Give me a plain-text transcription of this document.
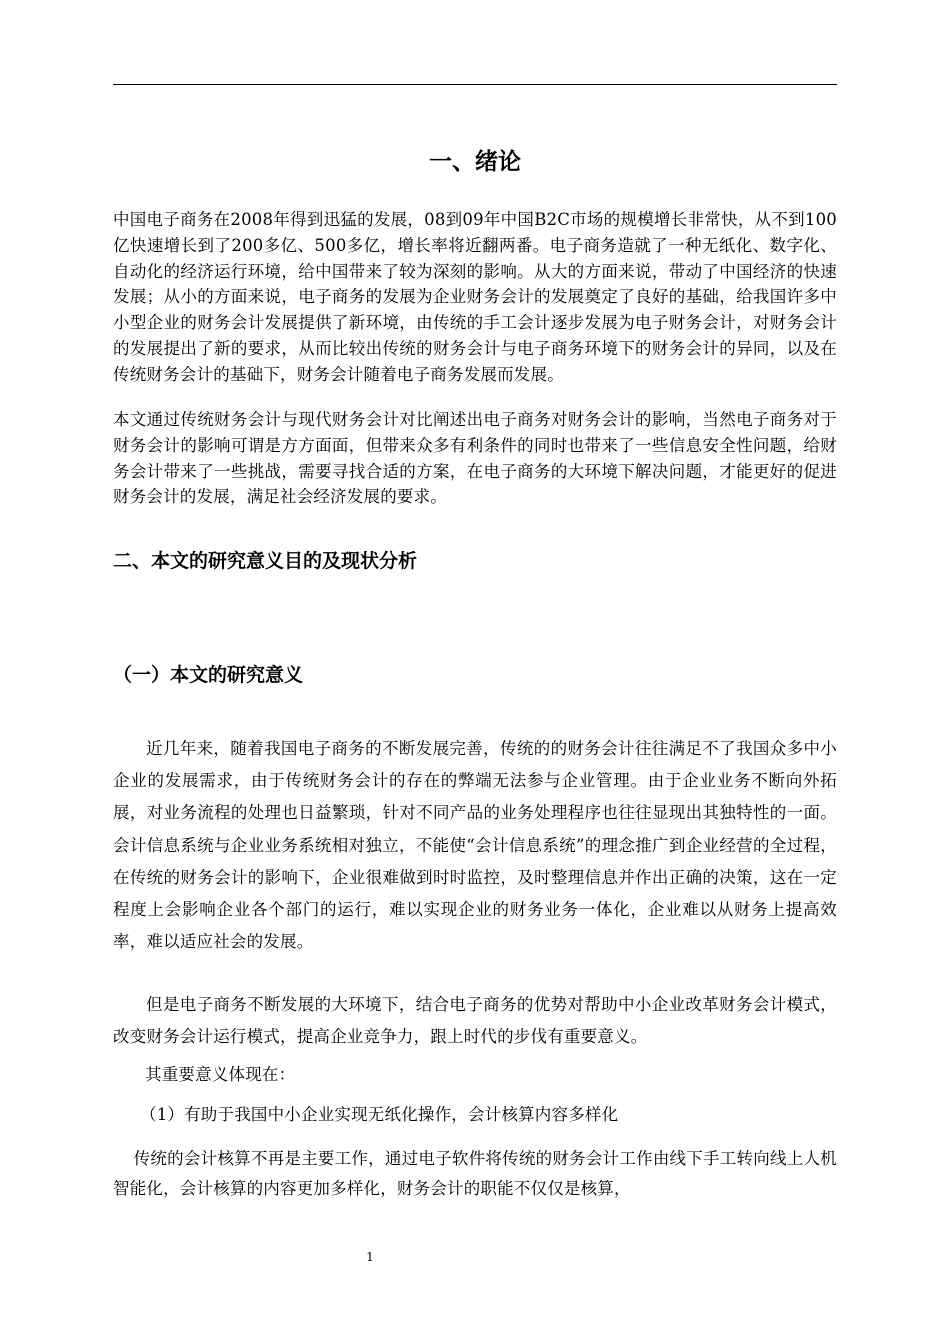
一、绪论

中国电子商务在2008年得到迅猛的发展，08到09年中国B2C市场的规模增长非常快，从不到100亿快速增长到了200多亿、500多亿，增长率将近翻两番。电子商务造就了一种无纸化、数字化、自动化的经济运行环境，给中国带来了较为深刻的影响。从大的方面来说，带动了中国经济的快速发展；从小的方面来说，电子商务的发展为企业财务会计的发展奠定了良好的基础，给我国许多中小型企业的财务会计发展提供了新环境，由传统的手工会计逐步发展为电子财务会计，对财务会计的发展提出了新的要求，从而比较出传统的财务会计与电子商务环境下的财务会计的异同，以及在传统财务会计的基础下，财务会计随着电子商务发展而发展。

本文通过传统财务会计与现代财务会计对比阐述出电子商务对财务会计的影响，当然电子商务对于财务会计的影响可谓是方方面面，但带来众多有利条件的同时也带来了一些信息安全性问题，给财务会计带来了一些挑战，需要寻找合适的方案，在电子商务的大环境下解决问题，才能更好的促进财务会计的发展，满足社会经济发展的要求。

二、本文的研究意义目的及现状分析
（一）本文的研究意义

近几年来，随着我国电子商务的不断发展完善，传统的的财务会计往往满足不了我国众多中小企业的发展需求，由于传统财务会计的存在的弊端无法参与企业管理。由于企业业务不断向外拓展，对业务流程的处理也日益繁琐，针对不同产品的业务处理程序也往往显现出其独特性的一面。会计信息系统与企业业务系统相对独立，不能使“会计信息系统”的理念推广到企业经营的全过程，在传统的财务会计的影响下，企业很难做到时时监控，及时整理信息并作出正确的决策，这在一定程度上会影响企业各个部门的运行，难以实现企业的财务业务一体化，企业难以从财务上提高效率，难以适应社会的发展。

但是电子商务不断发展的大环境下，结合电子商务的优势对帮助中小企业改革财务会计模式，改变财务会计运行模式，提高企业竞争力，跟上时代的步伐有重要意义。

其重要意义体现在：

（1）有助于我国中小企业实现无纸化操作，会计核算内容多样化

传统的会计核算不再是主要工作，通过电子软件将传统的财务会计工作由线下手工转向线上人机智能化，会计核算的内容更加多样化，财务会计的职能不仅仅是核算，

1
